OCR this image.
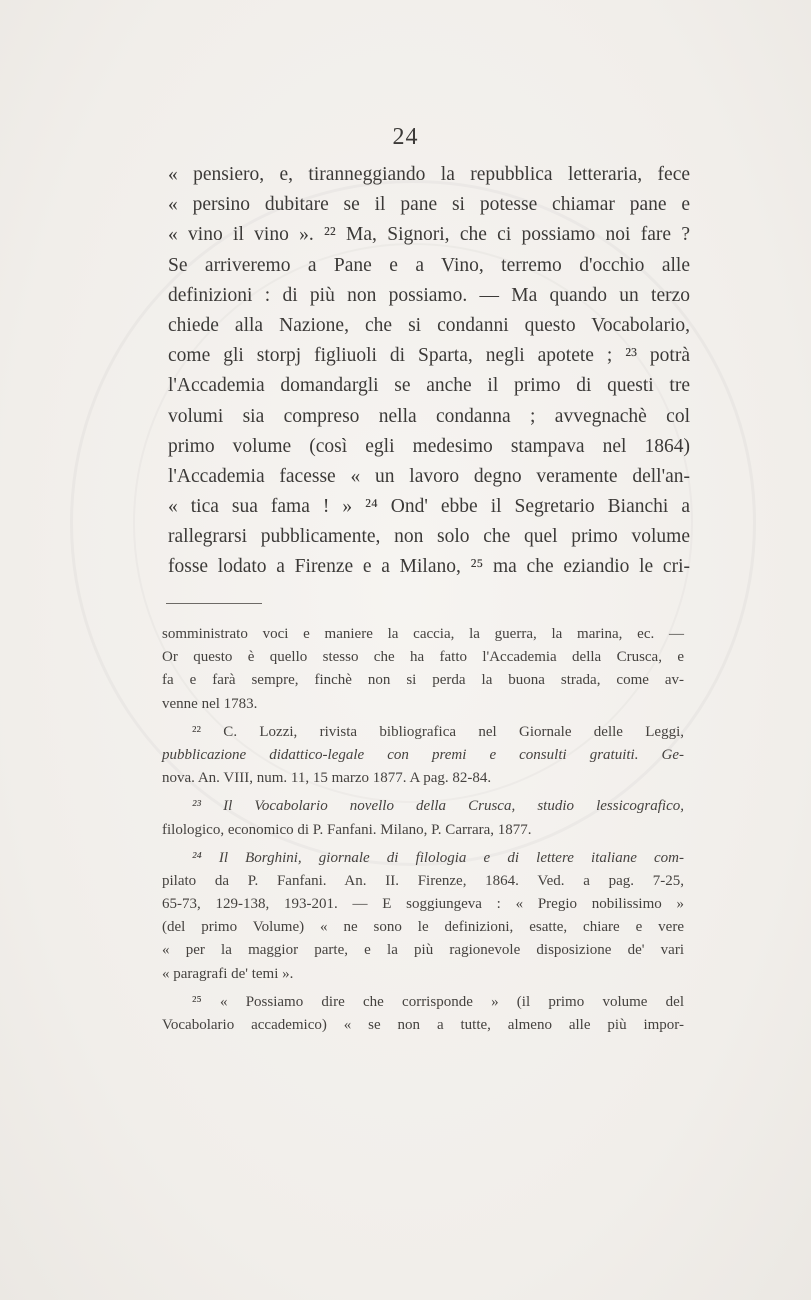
24
« pensiero, e, tiranneggiando la repubblica letteraria, fece
« persino dubitare se il pane si potesse chiamar pane e
« vino il vino ». ²² Ma, Signori, che ci possiamo noi fare ?
Se arriveremo a Pane e a Vino, terremo d'occhio alle
definizioni : di più non possiamo. — Ma quando un terzo
chiede alla Nazione, che si condanni questo Vocabolario,
come gli storpj figliuoli di Sparta, negli apotete ; ²³ potrà
l'Accademia domandargli se anche il primo di questi tre
volumi sia compreso nella condanna ; avvegnachè col
primo volume (così egli medesimo stampava nel 1864)
l'Accademia facesse « un lavoro degno veramente dell'an-
« tica sua fama ! » ²⁴ Ond' ebbe il Segretario Bianchi a
rallegrarsi pubblicamente, non solo che quel primo volume
fosse lodato a Firenze e a Milano, ²⁵ ma che eziandio le cri-
somministrato voci e maniere la caccia, la guerra, la marina, ec. —
Or questo è quello stesso che ha fatto l'Accademia della Crusca, e
fa e farà sempre, finchè non si perda la buona strada, come av-
venne nel 1783.
²² C. Lozzi, rivista bibliografica nel Giornale delle Leggi,
pubblicazione didattico-legale con premi e consulti gratuiti. Ge-
nova. An. VIII, num. 11, 15 marzo 1877. A pag. 82-84.
²³ Il Vocabolario novello della Crusca, studio lessicografico,
filologico, economico di P. Fanfani. Milano, P. Carrara, 1877.
²⁴ Il Borghini, giornale di filologia e di lettere italiane com-
pilato da P. Fanfani. An. II. Firenze, 1864. Ved. a pag. 7-25,
65-73, 129-138, 193-201. — E soggiungeva : « Pregio nobilissimo »
(del primo Volume) « ne sono le definizioni, esatte, chiare e vere
« per la maggior parte, e la più ragionevole disposizione de' vari
« paragrafi de' temi ».
²⁵ « Possiamo dire che corrisponde » (il primo volume del
Vocabolario accademico) « se non a tutte, almeno alle più impor-
